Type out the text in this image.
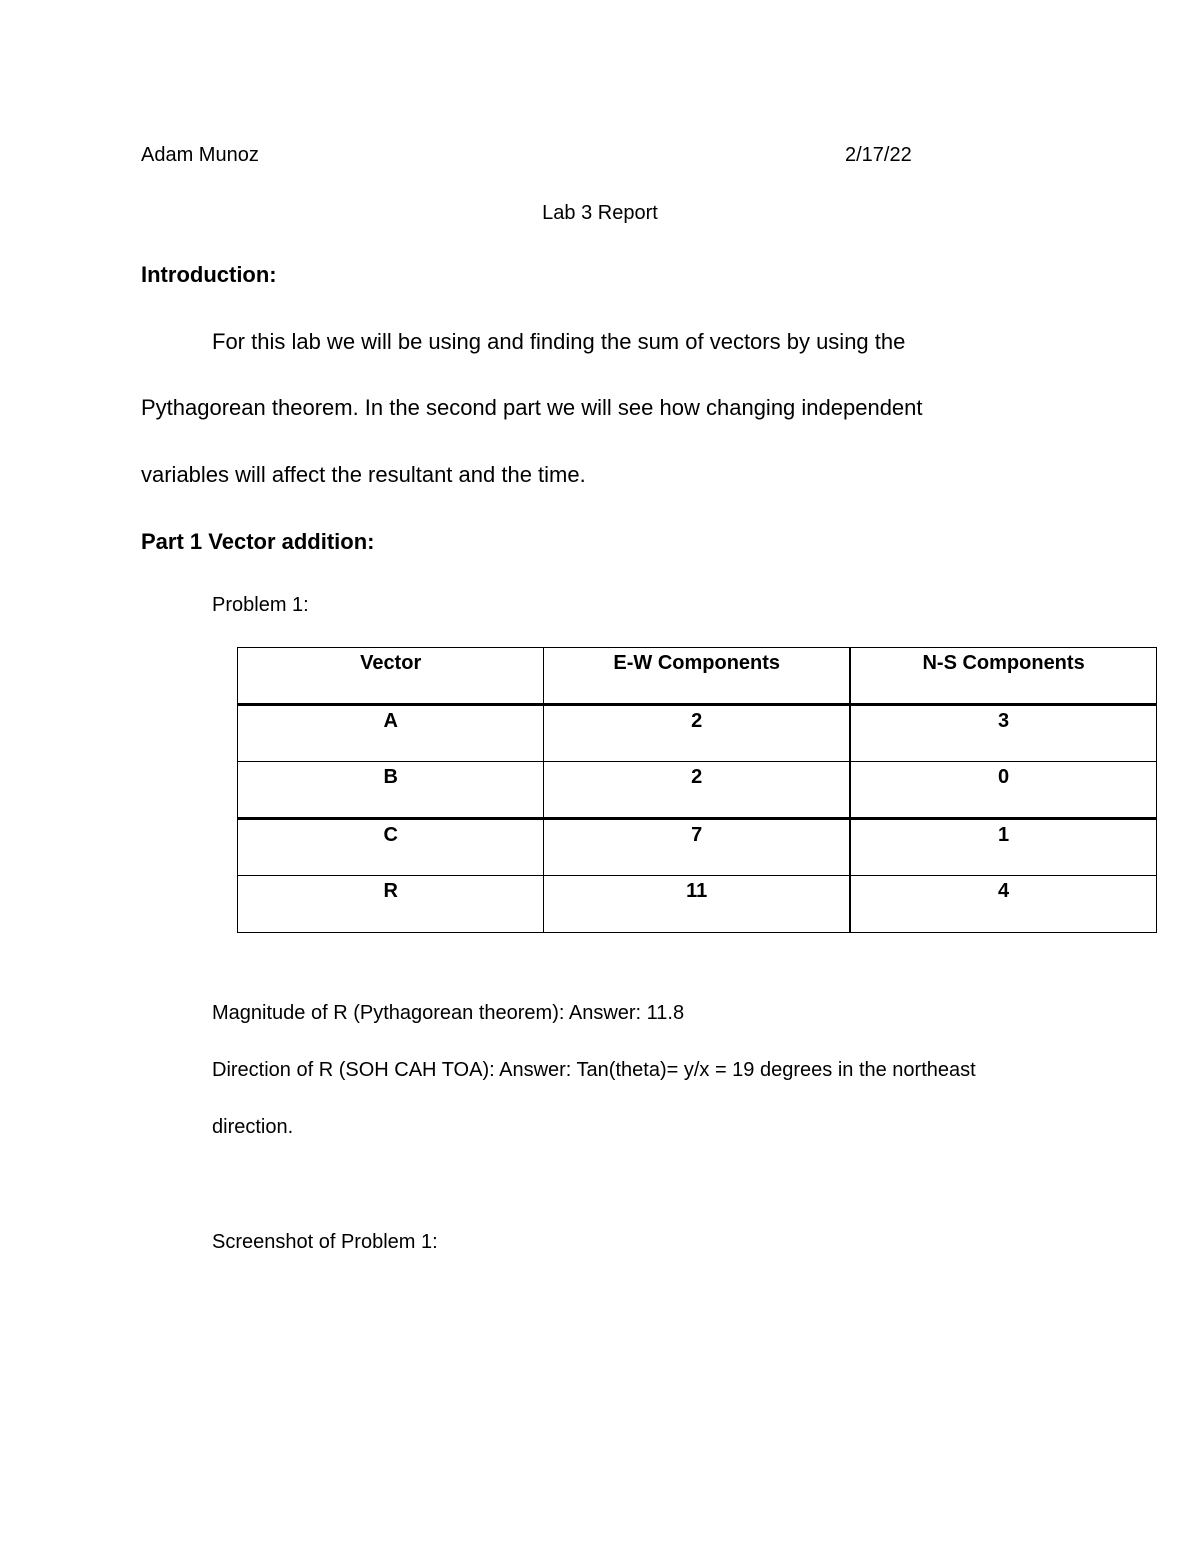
Adam Munoz	2/17/22
Lab 3 Report
Introduction:
For this lab we will be using and finding the sum of vectors by using the
Pythagorean theorem. In the second part we will see how changing independent
variables will affect the resultant and the time.
Part 1 Vector addition:
Problem 1:
Vector	E-W Components	N-S Components
A	2	3
B	2	0
C	7	1
R	11	4
Magnitude of R (Pythagorean theorem): Answer: 11.8
Direction of R (SOH CAH TOA): Answer: Tan(theta)= y/x = 19 degrees in the northeast
direction.
Screenshot of Problem 1:
